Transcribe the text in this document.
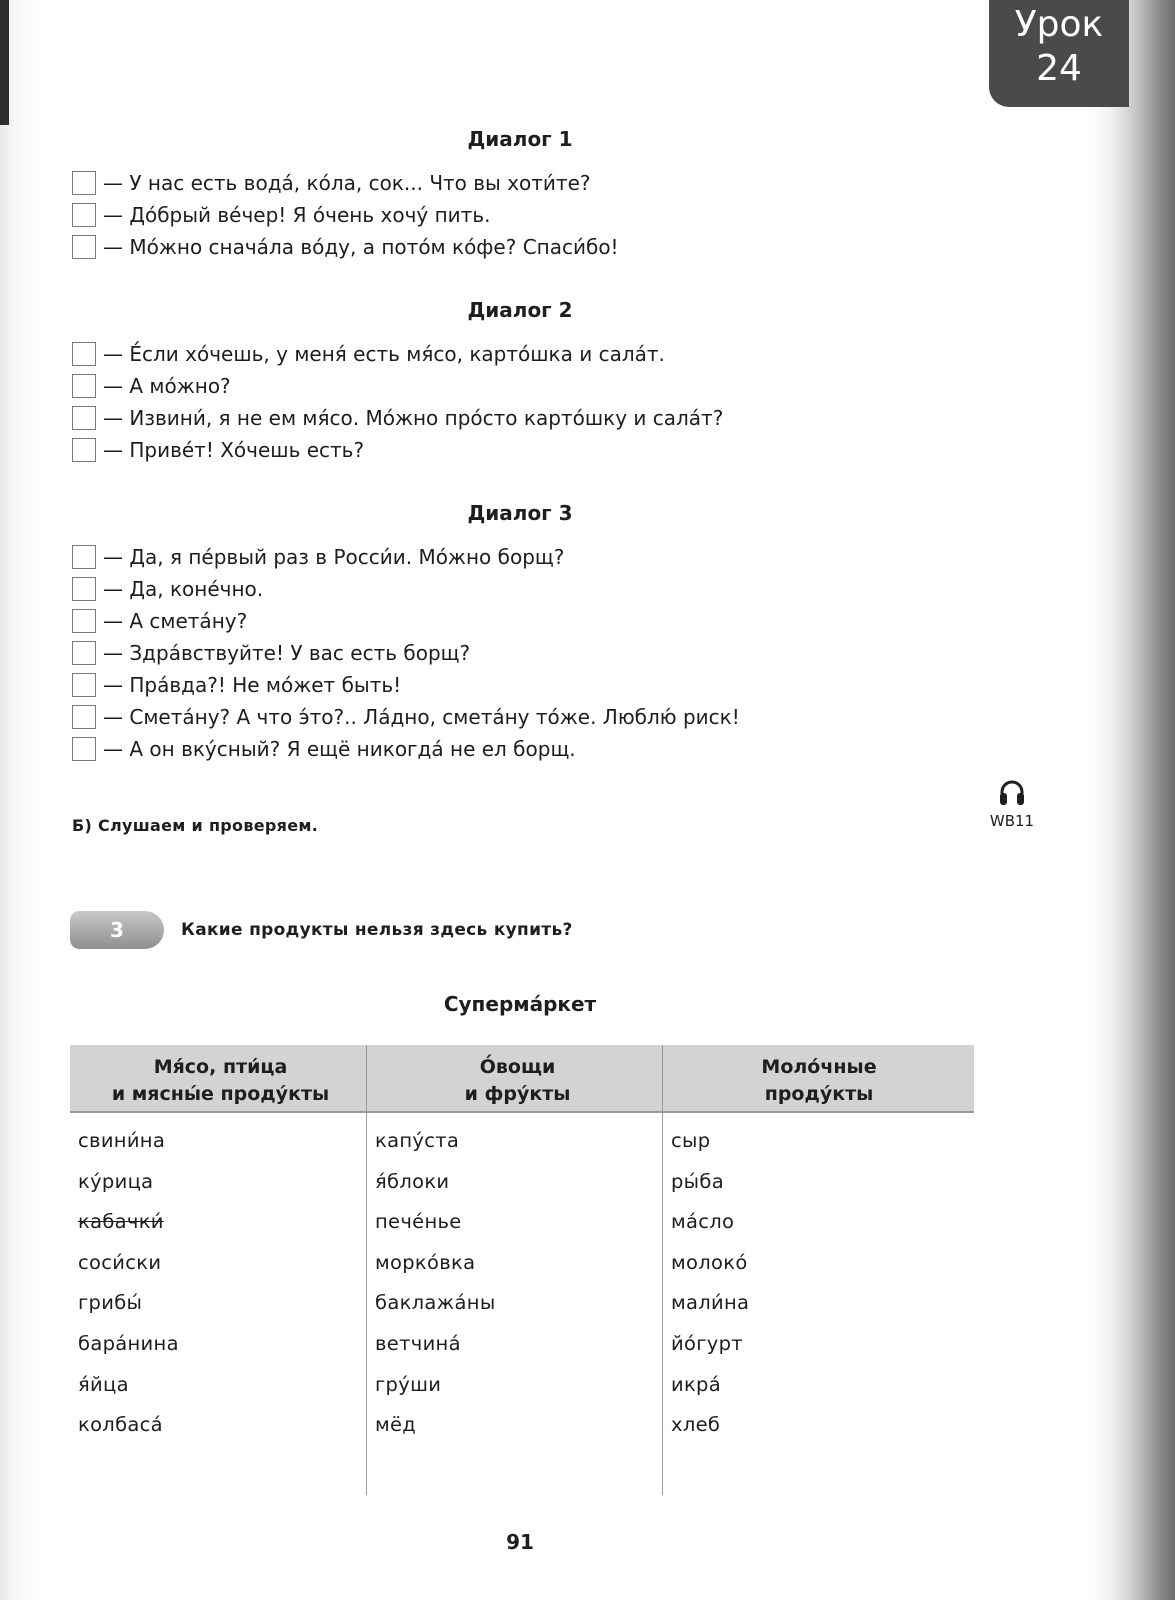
Урок
24
Диалог 1
— У нас есть вода́, ко́ла, сок... Что вы хоти́те?
— До́брый ве́чер! Я о́чень хочу́ пить.
— Мо́жно снача́ла во́ду, а пото́м ко́фе? Спаси́бо!
Диалог 2
— Е́сли хо́чешь, у меня́ есть мя́со, карто́шка и сала́т.
— А мо́жно?
— Извини́, я не ем мя́со. Мо́жно про́сто карто́шку и сала́т?
— Приве́т! Хо́чешь есть?
Диалог 3
— Да, я пе́рвый раз в Росси́и. Мо́жно борщ?
— Да, коне́чно.
— А смета́ну?
— Здра́вствуйте! У вас есть борщ?
— Пра́вда?! Не мо́жет быть!
— Смета́ну? А что э́то?.. Ла́дно, смета́ну то́же. Люблю́ риск!
— А он вку́сный? Я ещё никогда́ не ел борщ.
Б) Слушаем и проверяем.	WB11
3	Какие продукты нельзя здесь купить?
Суперма́ркет
Мя́со, пти́ца
и мясны́е проду́кты
свини́на
ку́рица
кабачки́
соси́ски
грибы́
бара́нина
я́йца
колбаса́
О́вощи
и фру́кты
капу́ста
я́блоки
пече́нье
морко́вка
баклажа́ны
ветчина́
гру́ши
мёд
Моло́чные
проду́кты
сыр
ры́ба
ма́сло
молоко́
мали́на
йо́гурт
икра́
хлеб
91
